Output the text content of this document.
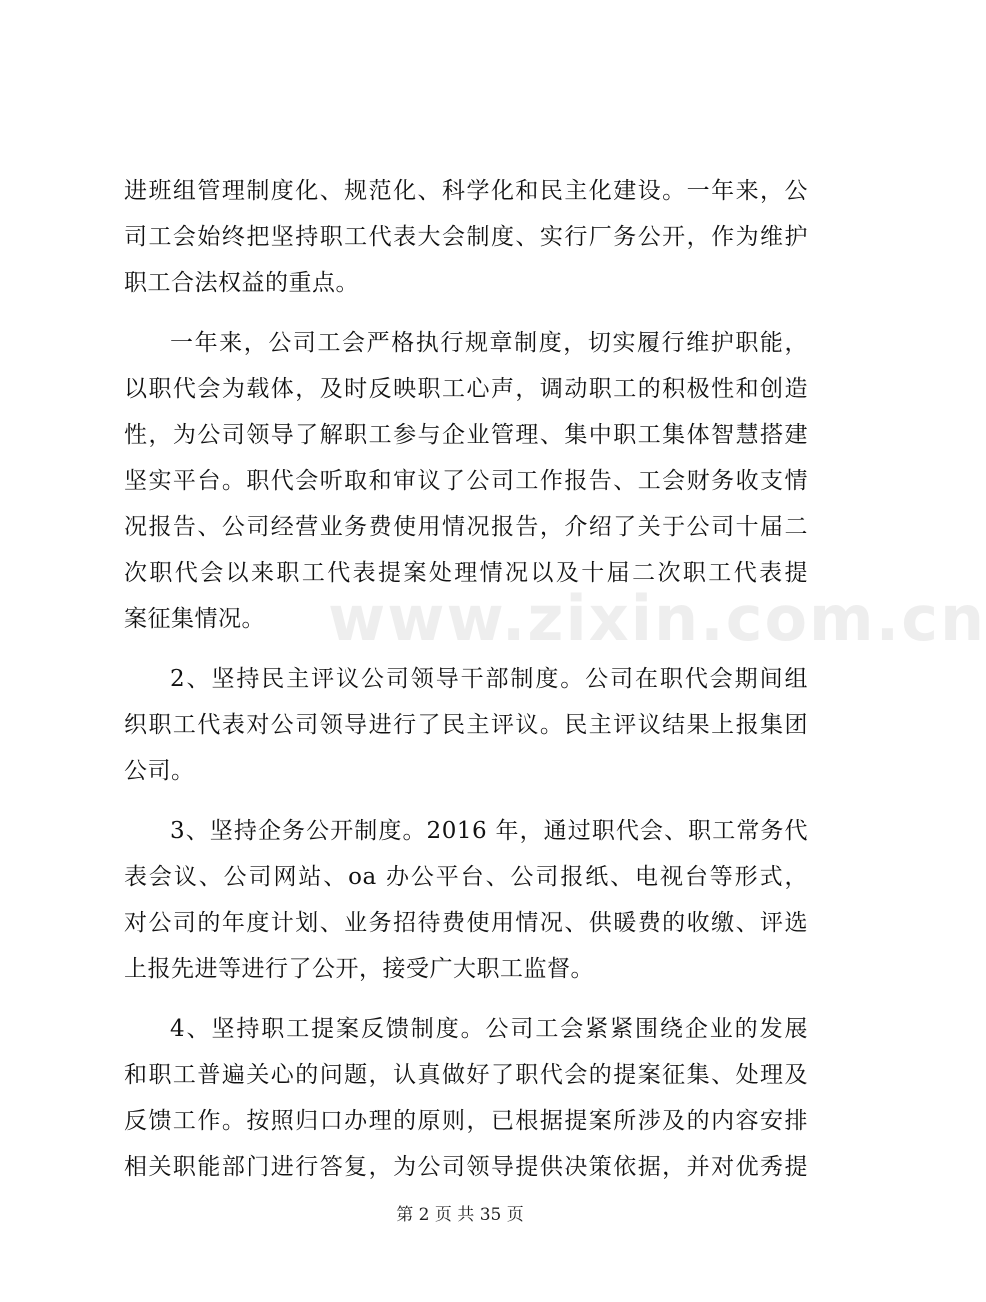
www.zixin.com.cn
进班组管理制度化、规范化、科学化和民主化建设。一年来，公
司工会始终把坚持职工代表大会制度、实行厂务公开，作为维护
职工合法权益的重点。
一年来，公司工会严格执行规章制度，切实履行维护职能，
以职代会为载体，及时反映职工心声，调动职工的积极性和创造
性，为公司领导了解职工参与企业管理、集中职工集体智慧搭建
坚实平台。职代会听取和审议了公司工作报告、工会财务收支情
况报告、公司经营业务费使用情况报告，介绍了关于公司十届二
次职代会以来职工代表提案处理情况以及十届二次职工代表提
案征集情况。
2、坚持民主评议公司领导干部制度。公司在职代会期间组
织职工代表对公司领导进行了民主评议。民主评议结果上报集团
公司。
3、坚持企务公开制度。2016 年，通过职代会、职工常务代
表会议、公司网站、oa 办公平台、公司报纸、电视台等形式，
对公司的年度计划、业务招待费使用情况、供暖费的收缴、评选
上报先进等进行了公开，接受广大职工监督。
4、坚持职工提案反馈制度。公司工会紧紧围绕企业的发展
和职工普遍关心的问题，认真做好了职代会的提案征集、处理及
反馈工作。按照归口办理的原则，已根据提案所涉及的内容安排
相关职能部门进行答复，为公司领导提供决策依据，并对优秀提
第 2 页 共 35 页
